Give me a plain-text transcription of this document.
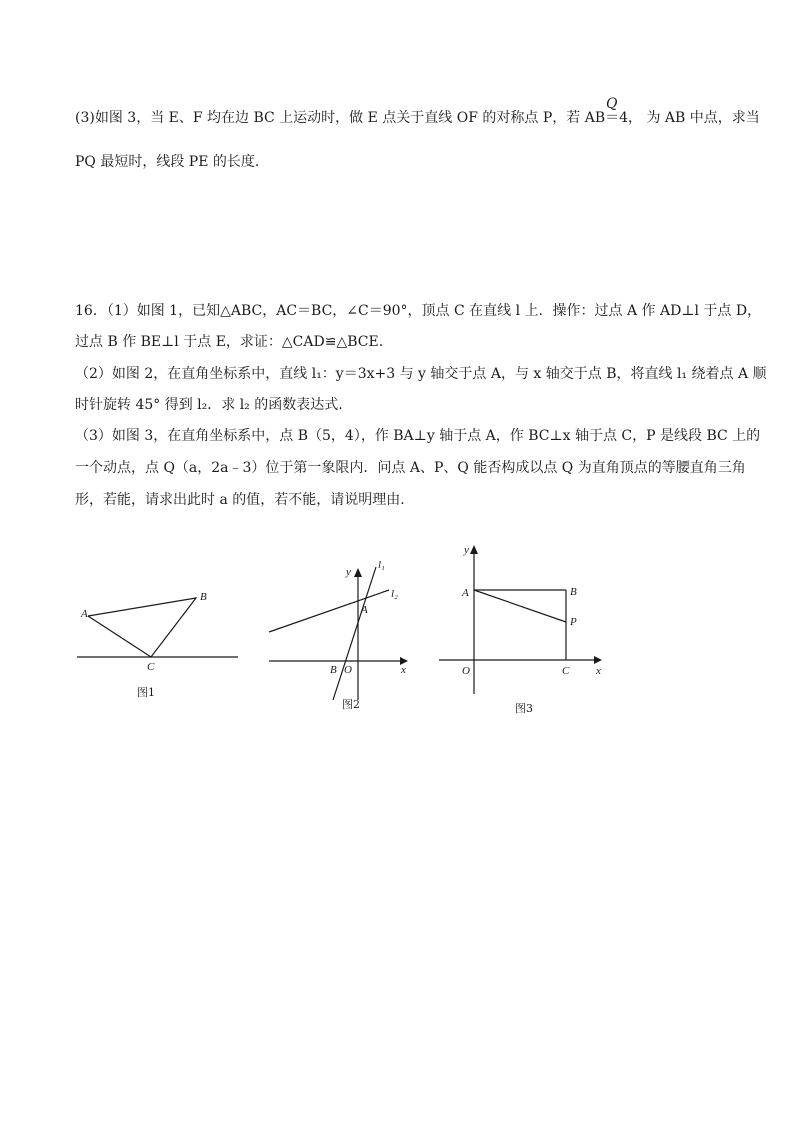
(3)如图 3，当 E、F 均在边 BC 上运动时，做 E 点关于直线 OF 的对称点 P，若 AB＝4， 为 AB 中点，求当
Q
PQ 最短时，线段 PE 的长度.
16．（1）如图 1，已知△ABC，AC＝BC，∠C＝90°，顶点 C 在直线 l 上．操作：过点 A 作 AD⊥l 于点 D，
过点 B 作 BE⊥l 于点 E，求证：△CAD≌△BCE.
（2）如图 2，在直角坐标系中，直线 l₁：y＝3x+3 与 y 轴交于点 A，与 x 轴交于点 B，将直线 l₁ 绕着点 A 顺
时针旋转 45° 得到 l₂．求 l₂ 的函数表达式.
（3）如图 3，在直角坐标系中，点 B（5，4），作 BA⊥y 轴于点 A，作 BC⊥x 轴于点 C，P 是线段 BC 上的
一个动点，点 Q（a，2a﹣3）位于第一象限内．问点 A、P、Q 能否构成以点 Q 为直角顶点的等腰直角三角
形，若能，请求出此时 a 的值，若不能，请说明理由.
A
B
C
图1
y
l₁
l₂
A
B O	x
图2
y
A	B
P
O	C x
图3
